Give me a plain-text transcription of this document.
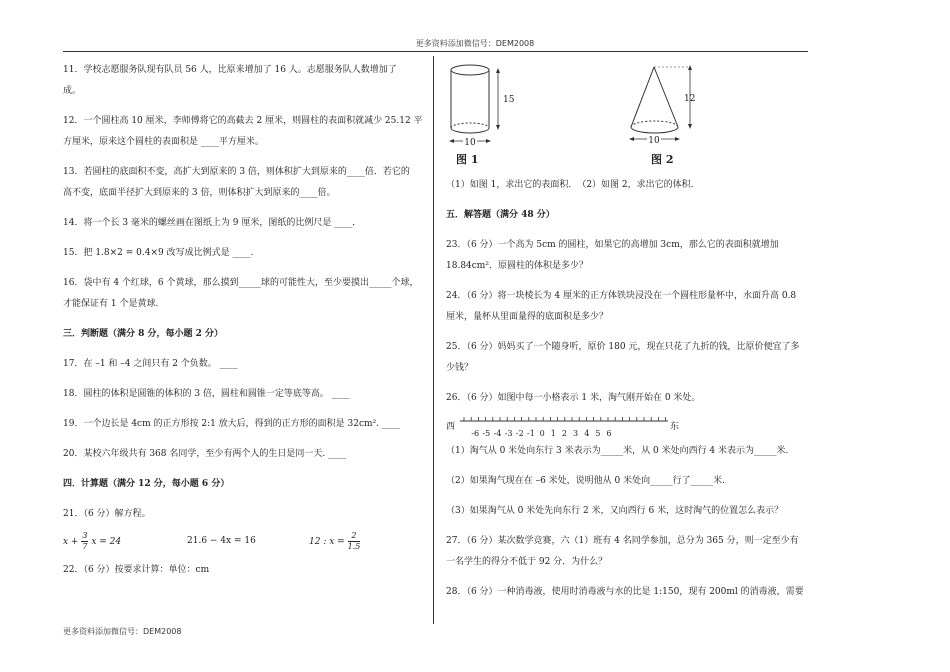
更多资料添加微信号：DEM2008

11．学校志愿服务队现有队员 56 人，比原来增加了 16 人。志愿服务队人数增加了
成。

12．一个圆柱高 10 厘米，李师傅将它的高截去 2 厘米，则圆柱的表面积就减少 25.12 平
方厘米，原来这个圆柱的表面积是 ____平方厘米。

13．若圆柱的底面积不变，高扩大到原来的 3 倍，则体积扩大到原来的____倍．若它的
高不变，底面半径扩大到原来的 3 倍，则体积扩大到原来的____倍。

14．将一个长 3 毫米的螺丝画在图纸上为 9 厘米，图纸的比例尺是 ____．

15．把 1.8×2 = 0.4×9 改写成比例式是 ____.

16．袋中有 4 个红球，6 个黄球，那么摸到_____球的可能性大，至少要摸出_____个球，
才能保证有 1 个是黄球.

三．判断题（满分 8 分，每小题 2 分）

17．在 –1 和 –4 之间只有 2 个负数。 ____

18．圆柱的体积是圆锥的体积的 3 倍，圆柱和圆锥一定等底等高。 ____

19．一个边长是 4cm 的正方形按 2:1 放大后，得到的正方形的面积是 32cm². ____

20．某校六年级共有 368 名同学，至少有两个人的生日是同一天. ____

四．计算题（满分 12 分，每小题 6 分）

21．（6 分）解方程。

$x + \frac{3}{7}$ x = 24	21.6 − 4x = 16	12 : $x = \frac{2}{1.5}$

22．（6 分）按要求计算：单位：cm

15
10
图 1
12
10
图 2

（1）如图 1，求出它的表面积．　（2）如图 2，求出它的体积．

五．解答题（满分 48 分）

23．（6 分）一个高为 5cm 的圆柱，如果它的高增加 3cm，那么它的表面积就增加
18.84cm²．原圆柱的体积是多少？

24．（6 分）将一块棱长为 4 厘米的正方体铁块浸没在一个圆柱形量杯中，水面升高 0.8
厘米，量杯从里面量得的底面积是多少？

25．（6 分）妈妈买了一个随身听，原价 180 元，现在只花了九折的钱，比原价便宜了多
少钱？

26．（6 分）如图中每一小格表示 1 米，淘气刚开始在 0 米处。

西
-6 -5 -4 -3 -2 -1 0 1 2 3 4 5 6
东

（1）淘气从 0 米处向东行 3 米表示为_____米，从 0 米处向西行 4 米表示为_____米.

（2）如果淘气现在在 –6 米处，说明他从 0 米处向_____行了_____米.

（3）如果淘气从 0 米处先向东行 2 米，又向西行 6 米，这时淘气的位置怎么表示？

27．（6 分）某次数学竞赛，六（1）班有 4 名同学参加，总分为 365 分，则一定至少有
一名学生的得分不低于 92 分．为什么？

28．（6 分）一种消毒液，使用时消毒液与水的比是 1:150，现有 200ml 的消毒液，需要

更多资料添加微信号：DEM2008
